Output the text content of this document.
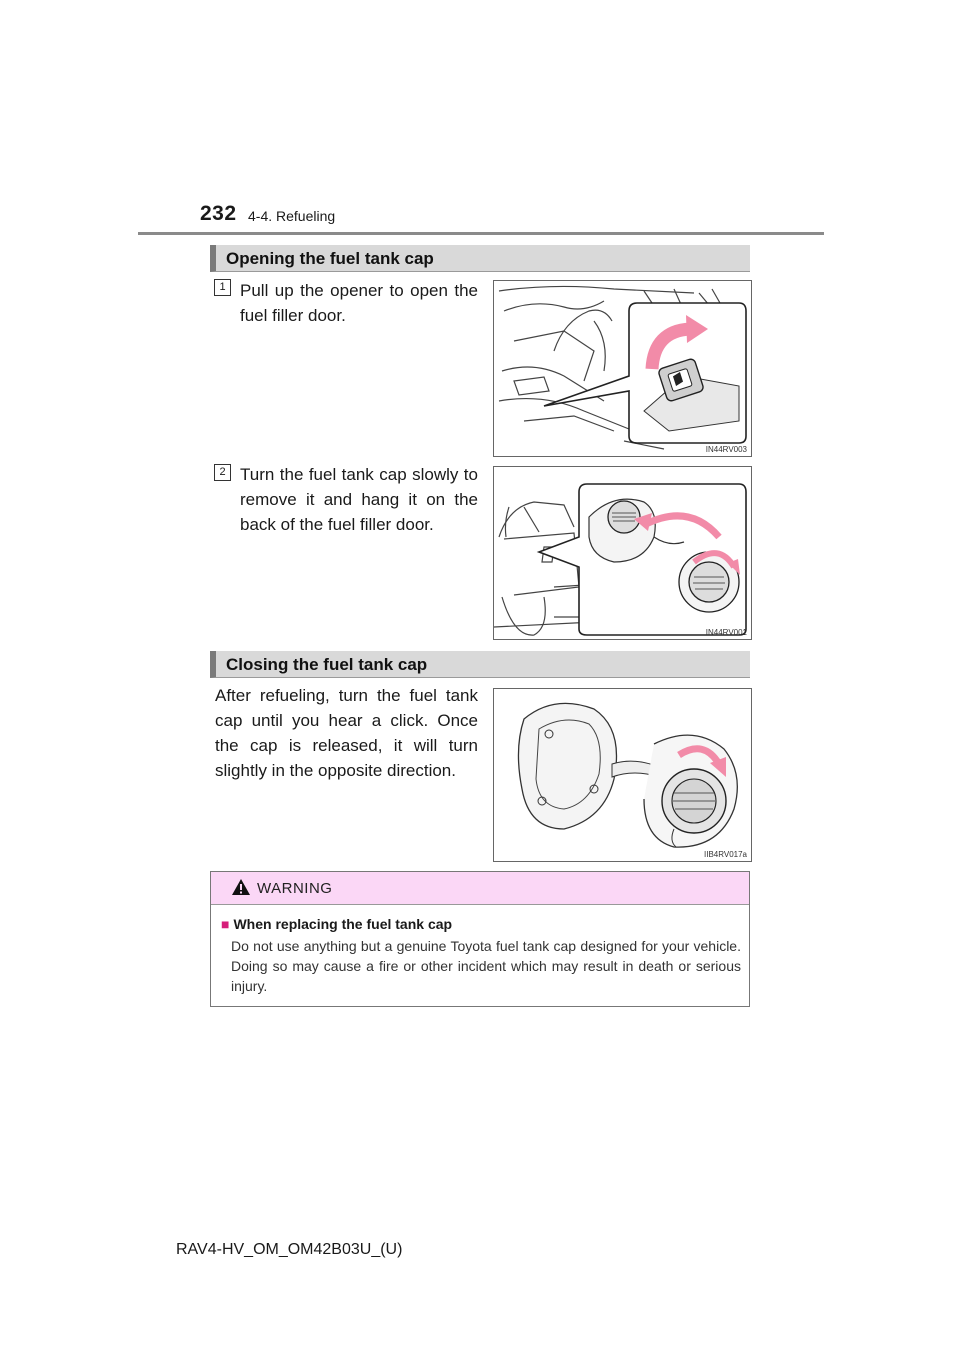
232 4-4. Refueling
Opening the fuel tank cap
1 Pull up the opener to open the fuel filler door.
IN44RV003
2 Turn the fuel tank cap slowly to remove it and hang it on the back of the fuel filler door.
IN44RV001
Closing the fuel tank cap
After refueling, turn the fuel tank cap until you hear a click. Once the cap is released, it will turn slightly in the opposite direction.
IIB4RV017a
WARNING
■ When replacing the fuel tank cap
Do not use anything but a genuine Toyota fuel tank cap designed for your vehicle. Doing so may cause a fire or other incident which may result in death or serious injury.
RAV4-HV_OM_OM42B03U_(U)
